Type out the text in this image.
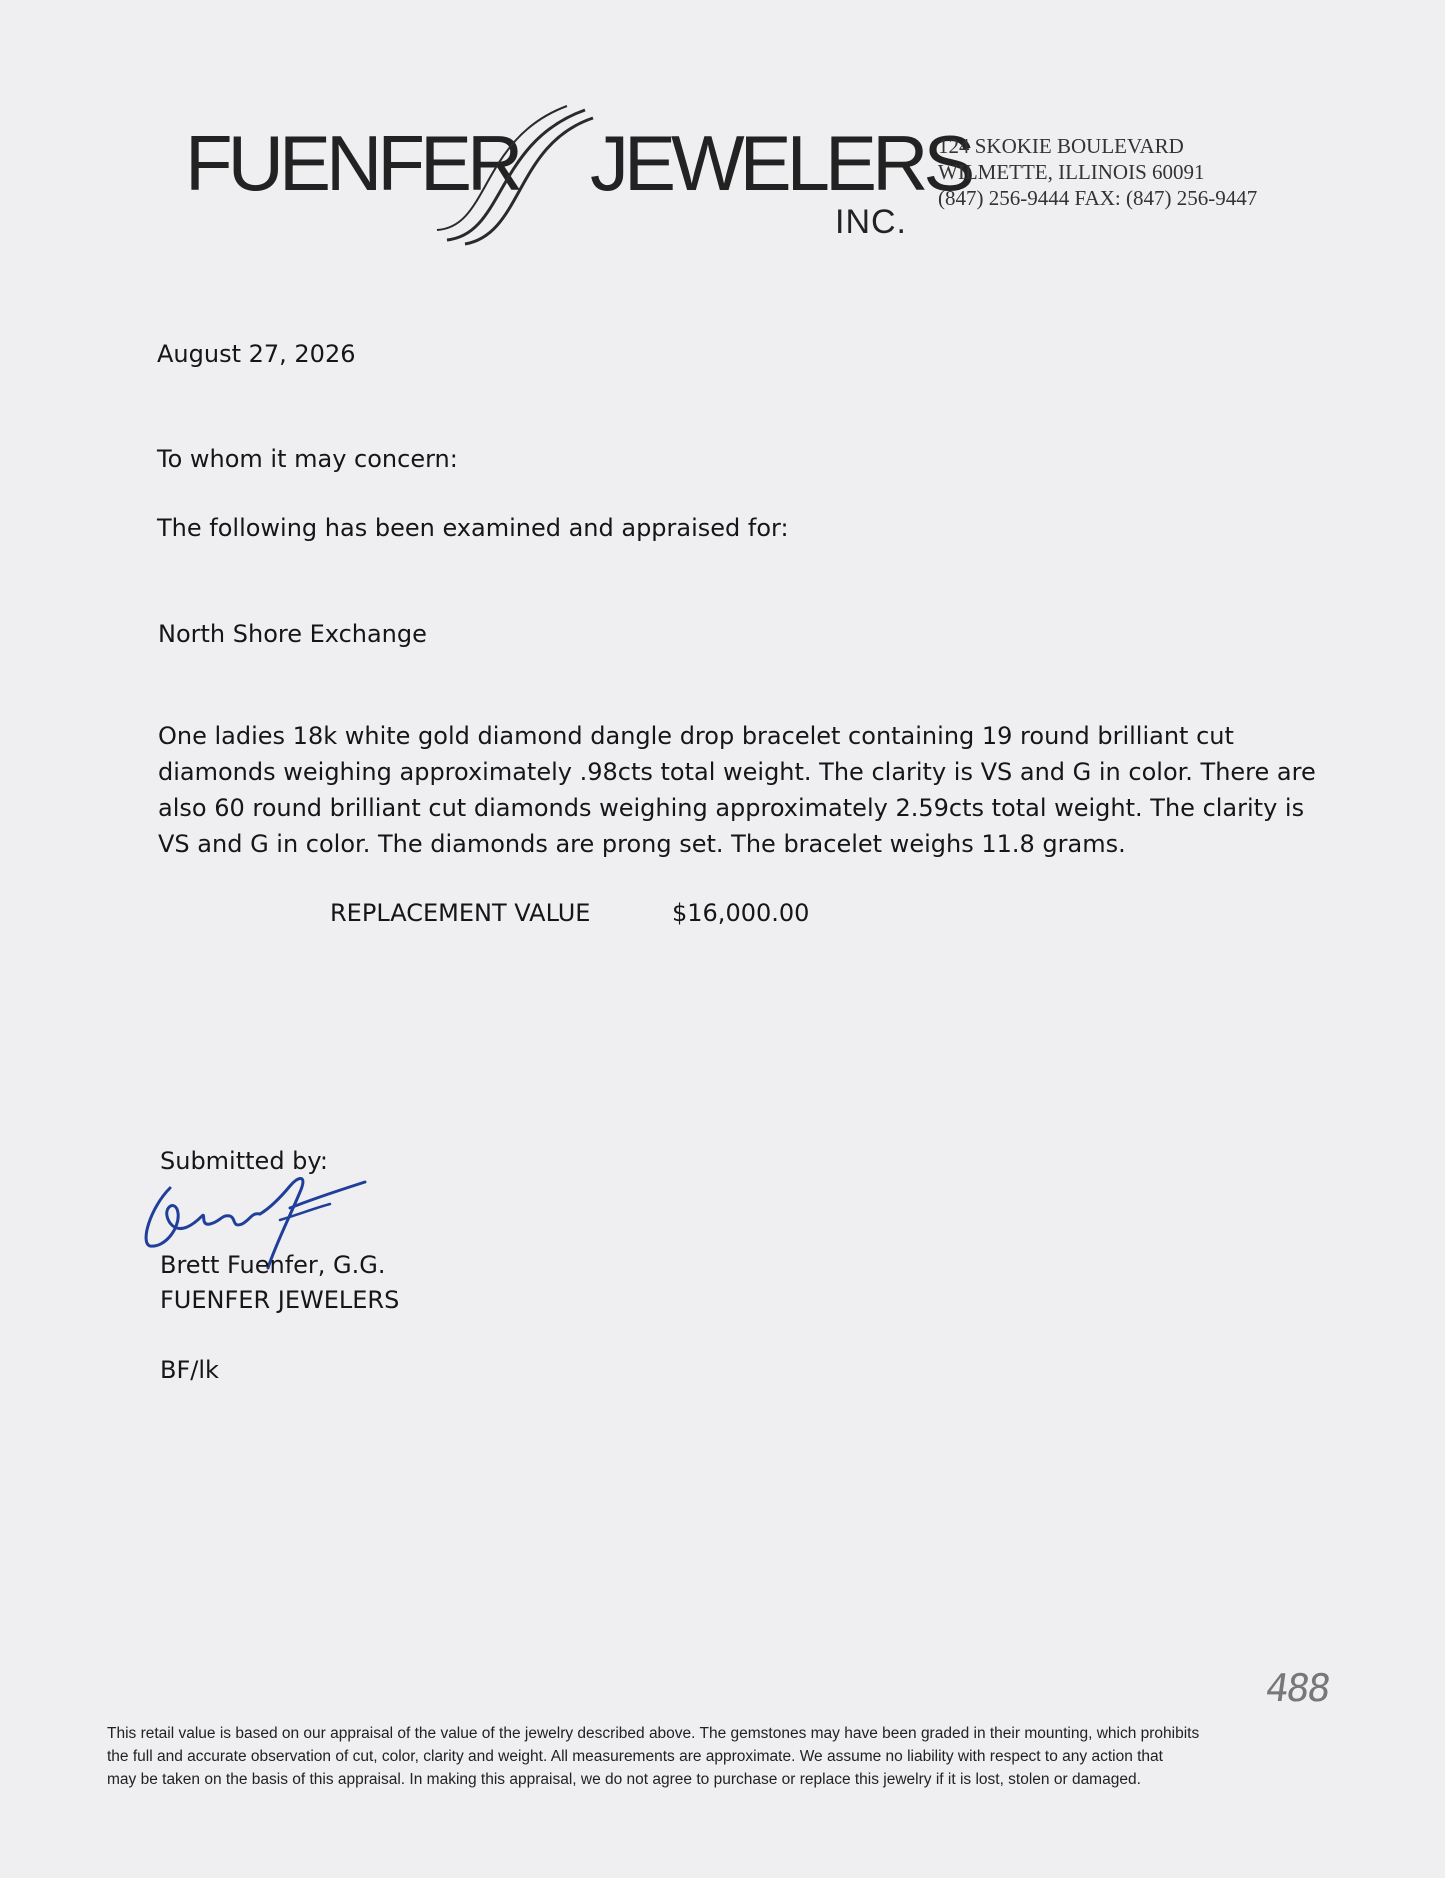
FUENFER JEWELERS
INC.
124 SKOKIE BOULEVARD
WILMETTE, ILLINOIS 60091
(847) 256-9444 FAX: (847) 256-9447
August 27, 2026
To whom it may concern:
The following has been examined and appraised for:
North Shore Exchange
One ladies 18k white gold diamond dangle drop bracelet containing 19 round brilliant cut
diamonds weighing approximately .98cts total weight. The clarity is VS and G in color. There are
also 60 round brilliant cut diamonds weighing approximately 2.59cts total weight. The clarity is
VS and G in color. The diamonds are prong set. The bracelet weighs 11.8 grams.
REPLACEMENT VALUE	$16,000.00
Submitted by:
Brett Fuenfer, G.G.
FUENFER JEWELERS
BF/lk
488
This retail value is based on our appraisal of the value of the jewelry described above. The gemstones may have been graded in their mounting, which prohibits
the full and accurate observation of cut, color, clarity and weight. All measurements are approximate. We assume no liability with respect to any action that
may be taken on the basis of this appraisal. In making this appraisal, we do not agree to purchase or replace this jewelry if it is lost, stolen or damaged.
